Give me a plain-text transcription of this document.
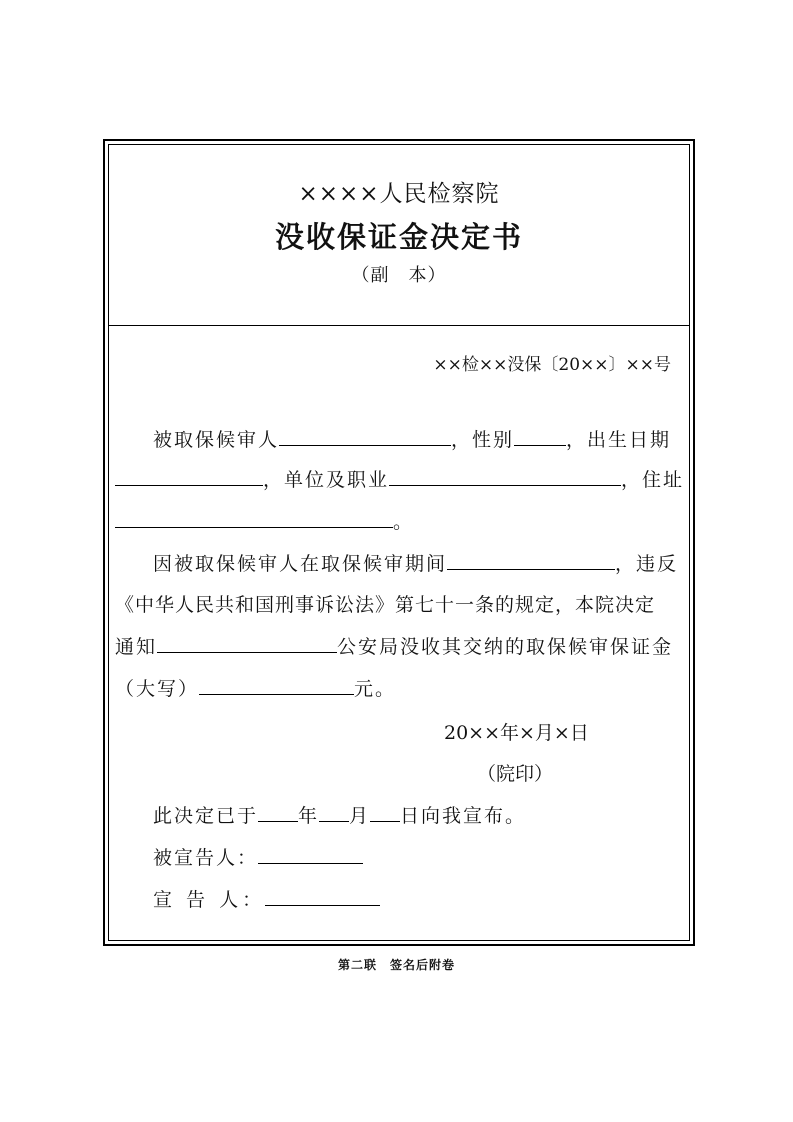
××××人民检察院
没收保证金决定书
（副　本）
××检××没保〔20××〕××号
被取保候审人	，性别	，出生日期
，单位及职业	，住址
。
因被取保候审人在取保候审期间	，违反
《中华人民共和国刑事诉讼法》第七十一条的规定，本院决定
通知	公安局没收其交纳的取保候审保证金
（大写）	元。
20××年×月×日
（院印）
此决定已于 年 月 日向我宣布。
被宣告人：
宣 告 人：
第二联　签名后附卷
